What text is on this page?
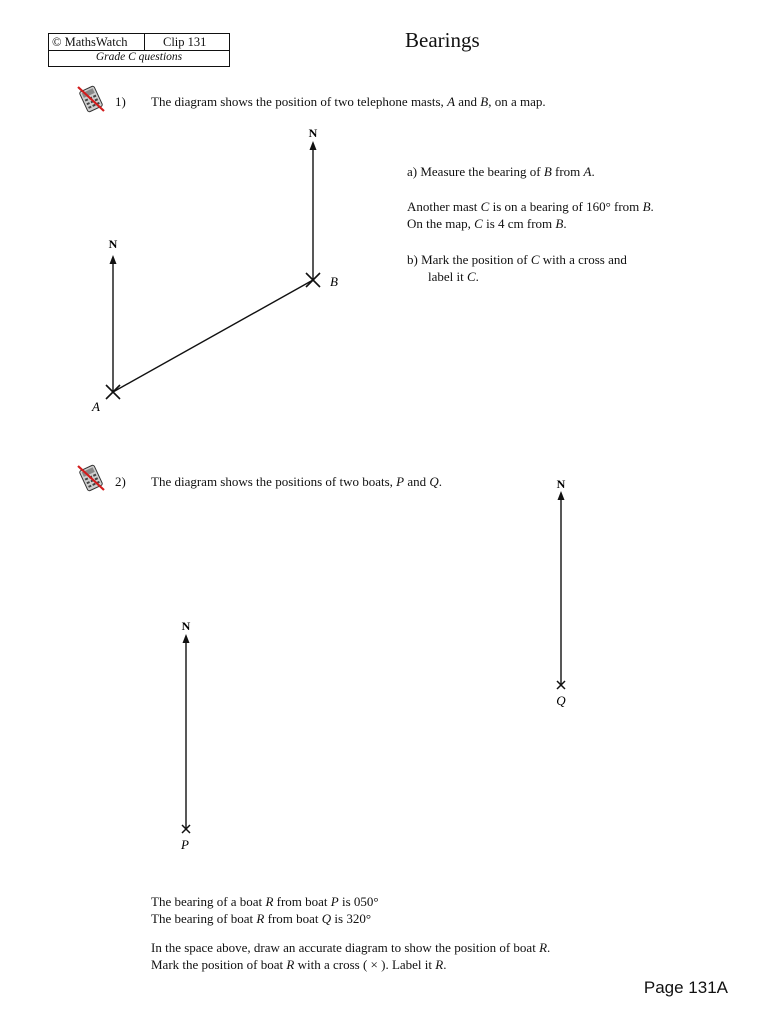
© MathsWatch	Clip 131
Grade C questions
Bearings
1) The diagram shows the position of two telephone masts, A and B, on a map.
N
N
B
A
N
Q
N
P
a) Measure the bearing of B from A.
Another mast C is on a bearing of 160° from B.
On the map, C is 4 cm from B.
b) Mark the position of C with a cross and
label it C.
2) The diagram shows the positions of two boats, P and Q.
The bearing of a boat R from boat P is 050°
The bearing of boat R from boat Q is 320°
In the space above, draw an accurate diagram to show the position of boat R.
Mark the position of boat R with a cross ( × ). Label it R.
Page 131A
